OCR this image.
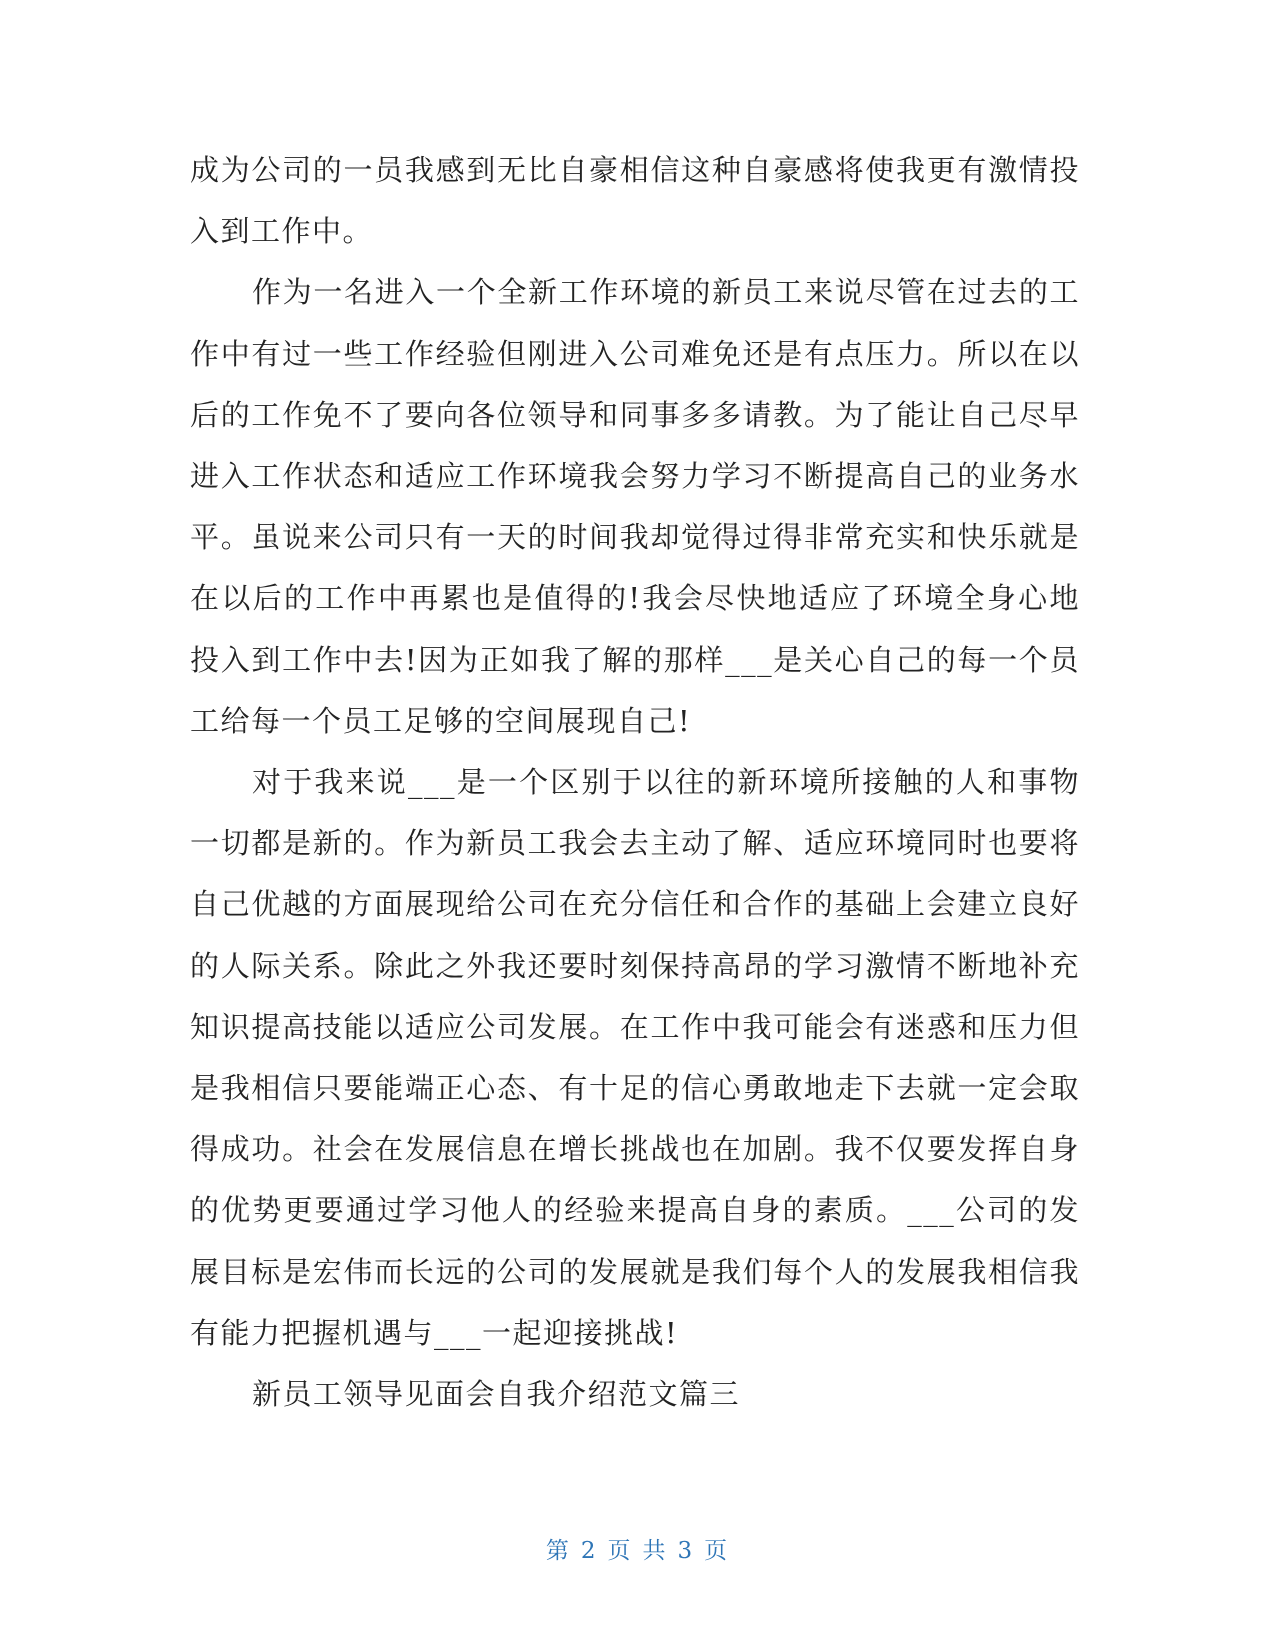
成为公司的一员我感到无比自豪相信这种自豪感将使我更有激情投入到工作中。

作为一名进入一个全新工作环境的新员工来说尽管在过去的工作中有过一些工作经验但刚进入公司难免还是有点压力。所以在以后的工作免不了要向各位领导和同事多多请教。为了能让自己尽早进入工作状态和适应工作环境我会努力学习不断提高自己的业务水平。虽说来公司只有一天的时间我却觉得过得非常充实和快乐就是在以后的工作中再累也是值得的!我会尽快地适应了环境全身心地投入到工作中去!因为正如我了解的那样___是关心自己的每一个员工给每一个员工足够的空间展现自己!

对于我来说___是一个区别于以往的新环境所接触的人和事物一切都是新的。作为新员工我会去主动了解、适应环境同时也要将自己优越的方面展现给公司在充分信任和合作的基础上会建立良好的人际关系。除此之外我还要时刻保持高昂的学习激情不断地补充知识提高技能以适应公司发展。在工作中我可能会有迷惑和压力但是我相信只要能端正心态、有十足的信心勇敢地走下去就一定会取得成功。社会在发展信息在增长挑战也在加剧。我不仅要发挥自身的优势更要通过学习他人的经验来提高自身的素质。___公司的发展目标是宏伟而长远的公司的发展就是我们每个人的发展我相信我有能力把握机遇与___一起迎接挑战!

新员工领导见面会自我介绍范文篇三

第 2 页 共 3 页
